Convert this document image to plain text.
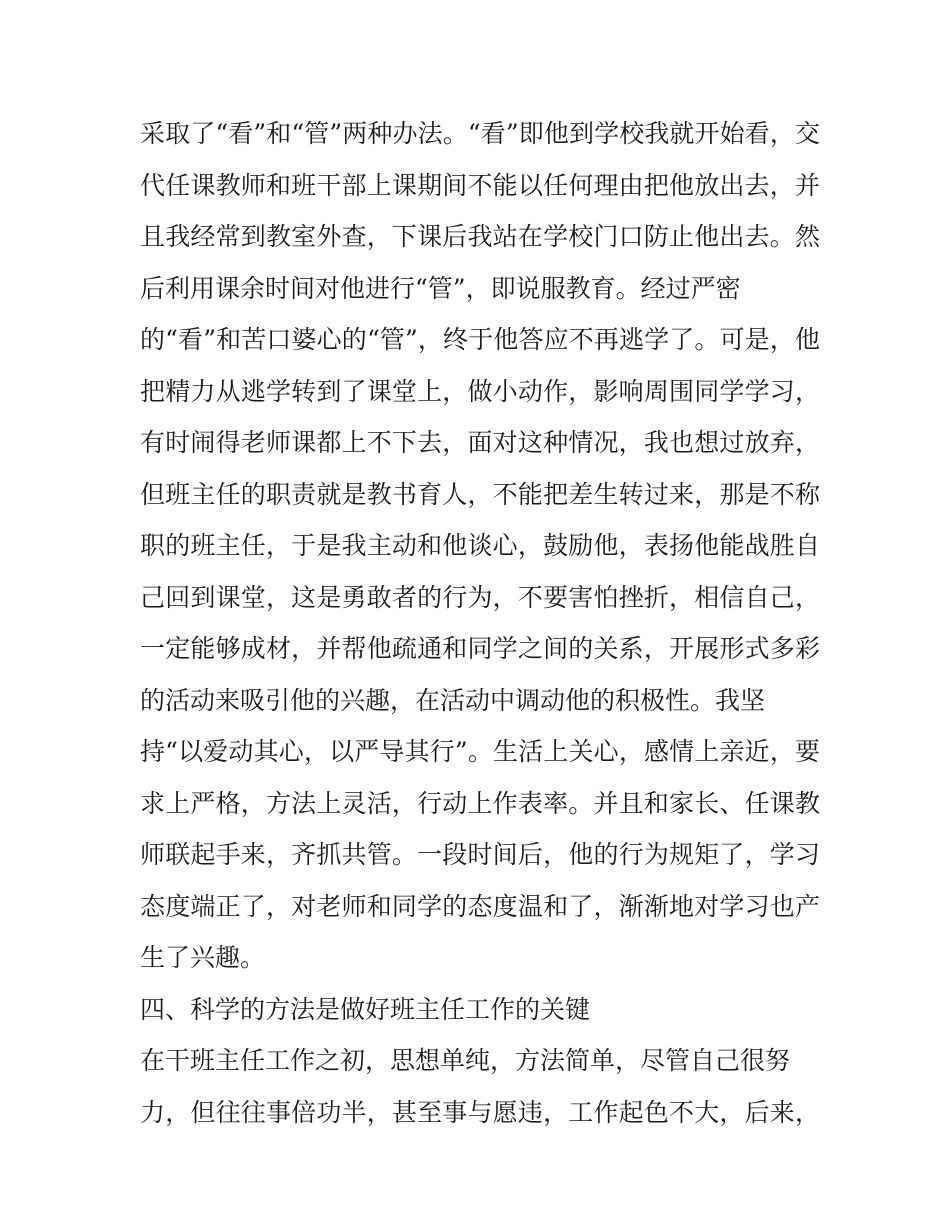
采取了“看”和“管”两种办法。“看”即他到学校我就开始看，交
代任课教师和班干部上课期间不能以任何理由把他放出去，并
且我经常到教室外查，下课后我站在学校门口防止他出去。然
后利用课余时间对他进行“管”，即说服教育。经过严密
的“看”和苦口婆心的“管”，终于他答应不再逃学了。可是，他
把精力从逃学转到了课堂上，做小动作，影响周围同学学习，
有时闹得老师课都上不下去，面对这种情况，我也想过放弃，
但班主任的职责就是教书育人，不能把差生转过来，那是不称
职的班主任，于是我主动和他谈心，鼓励他，表扬他能战胜自
己回到课堂，这是勇敢者的行为，不要害怕挫折，相信自己，
一定能够成材，并帮他疏通和同学之间的关系，开展形式多彩
的活动来吸引他的兴趣，在活动中调动他的积极性。我坚
持“以爱动其心，以严导其行”。生活上关心，感情上亲近，要
求上严格，方法上灵活，行动上作表率。并且和家长、任课教
师联起手来，齐抓共管。一段时间后，他的行为规矩了，学习
态度端正了，对老师和同学的态度温和了，渐渐地对学习也产
生了兴趣。
四、科学的方法是做好班主任工作的关键
在干班主任工作之初，思想单纯，方法简单，尽管自己很努
力，但往往事倍功半，甚至事与愿违，工作起色不大，后来，
